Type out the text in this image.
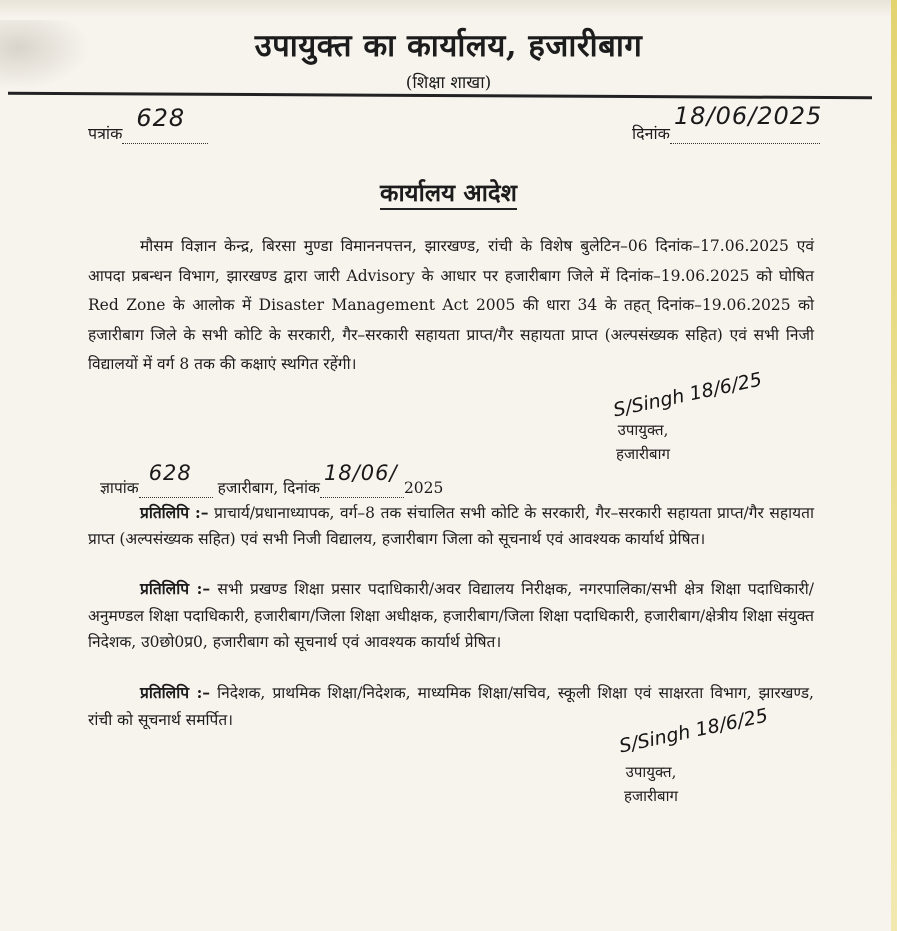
उपायुक्त का कार्यालय, हजारीबाग
(शिक्षा शाखा)
पत्रांक
628

दिनांक
18/06/2025

कार्यालय आदेश
मौसम विज्ञान केन्द्र, बिरसा मुण्डा विमाननपत्तन, झारखण्ड, रांची के विशेष बुलेटिन–06 दिनांक–17.06.2025 एवं आपदा प्रबन्धन विभाग, झारखण्ड द्वारा जारी Advisory के आधार पर हजारीबाग जिले में दिनांक–19.06.2025 को घोषित Red Zone के आलोक में Disaster Management Act 2005 की धारा 34 के तहत् दिनांक–19.06.2025 को हजारीबाग जिले के सभी कोटि के सरकारी, गैर–सरकारी सहायता प्राप्त/गैर सहायता प्राप्त (अल्पसंख्यक सहित) एवं सभी निजी विद्यालयों में वर्ग 8 तक की कक्षाएं स्थगित रहेंगी।
S/Singh 18/6/25
उपायुक्त,
हजारीबाग
ज्ञापांक
628
हजारीबाग, दिनांक
18/06/
2025
प्रतिलिपि :– प्राचार्य/प्रधानाध्यापक, वर्ग–8 तक संचालित सभी कोटि के सरकारी, गैर–सरकारी सहायता प्राप्त/गैर सहायता प्राप्त (अल्पसंख्यक सहित) एवं सभी निजी विद्यालय, हजारीबाग जिला को सूचनार्थ एवं आवश्यक कार्यार्थ प्रेषित।
प्रतिलिपि :– सभी प्रखण्ड शिक्षा प्रसार पदाधिकारी/अवर विद्यालय निरीक्षक, नगरपालिका/सभी क्षेत्र शिक्षा पदाधिकारी/अनुमण्डल शिक्षा पदाधिकारी, हजारीबाग/जिला शिक्षा अधीक्षक, हजारीबाग/जिला शिक्षा पदाधिकारी, हजारीबाग/क्षेत्रीय शिक्षा संयुक्त निदेशक, उ0छो0प्र0, हजारीबाग को सूचनार्थ एवं आवश्यक कार्यार्थ प्रेषित।
प्रतिलिपि :– निदेशक, प्राथमिक शिक्षा/निदेशक, माध्यमिक शिक्षा/सचिव, स्कूली शिक्षा एवं साक्षरता विभाग, झारखण्ड, रांची को सूचनार्थ समर्पित।	S/Singh 18/6/25
उपायुक्त,
हजारीबाग
